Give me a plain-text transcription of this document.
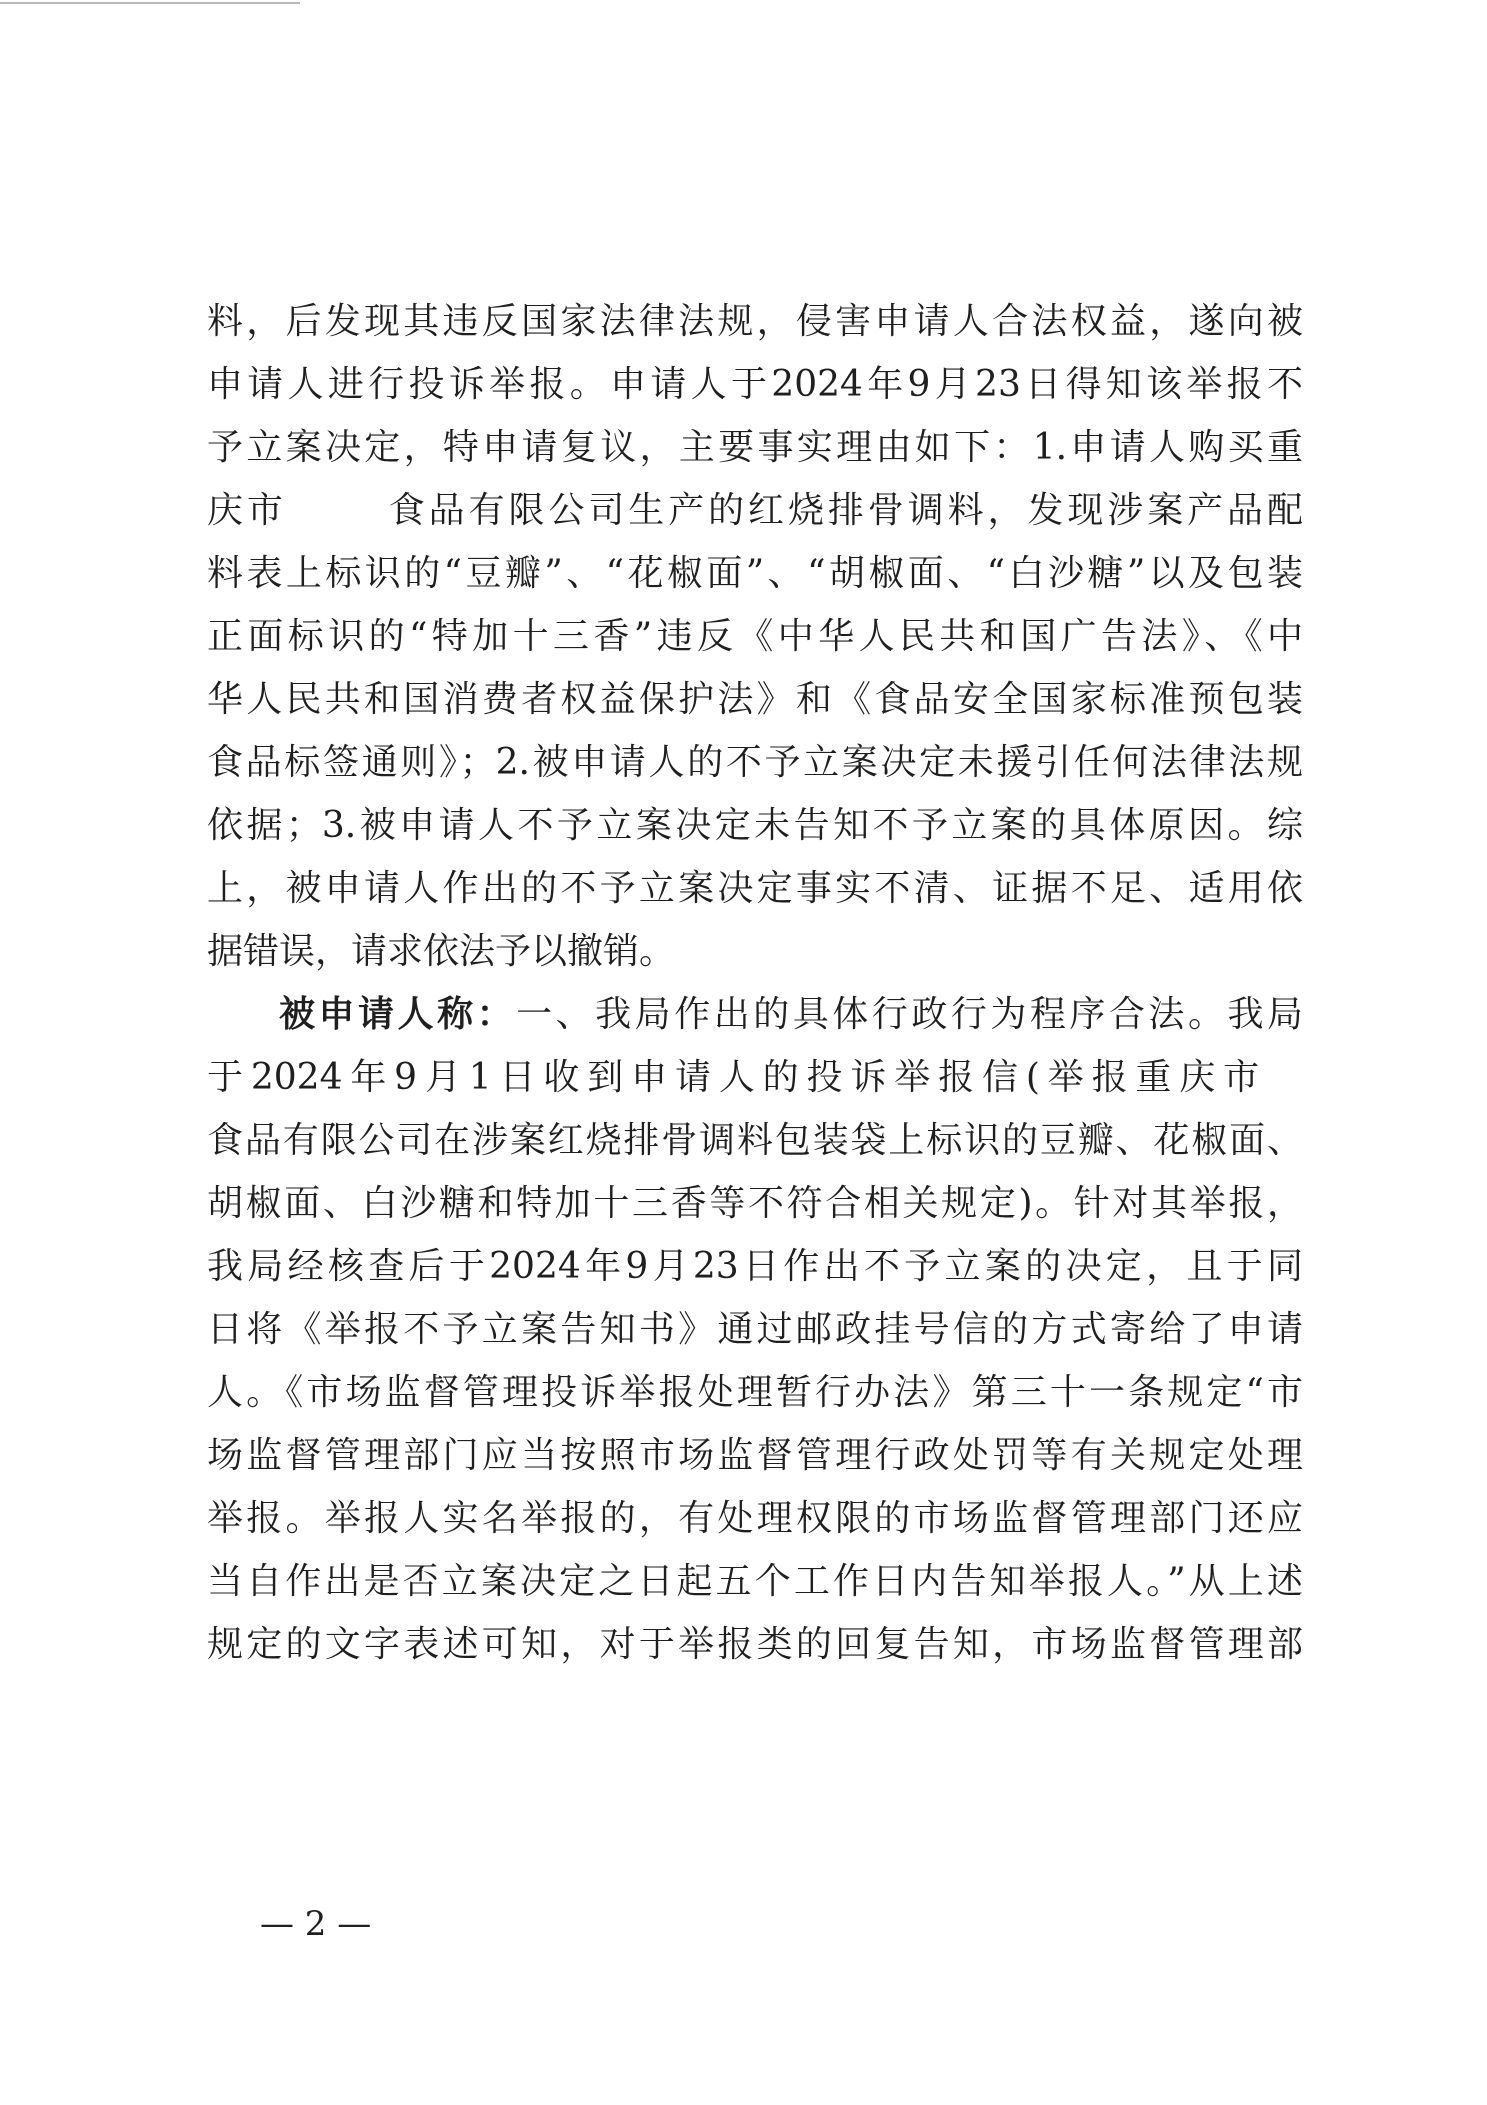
料，后发现其违反国家法律法规，侵害申请人合法权益，遂向被
申请人进行投诉举报。申请人于2024年9月23日得知该举报不
予立案决定，特申请复议，主要事实理由如下：1.申请人购买重
庆市	食品有限公司生产的红烧排骨调料，发现涉案产品配
料表上标识的“豆瓣”、“花椒面”、“胡椒面、“白沙糖”以及包装
正面标识的“特加十三香”违反《中华人民共和国广告法》、《中
华人民共和国消费者权益保护法》和《食品安全国家标准预包装
食品标签通则》；2.被申请人的不予立案决定未援引任何法律法规
依据；3.被申请人不予立案决定未告知不予立案的具体原因。综
上，被申请人作出的不予立案决定事实不清、证据不足、适用依
据错误，请求依法予以撤销。
被申请人称：一、我局作出的具体行政行为程序合法。我局
于2024年9月1日收到申请人的投诉举报信(举报重庆市
食品有限公司在涉案红烧排骨调料包装袋上标识的豆瓣、花椒面、
胡椒面、白沙糖和特加十三香等不符合相关规定)。针对其举报，
我局经核查后于2024年9月23日作出不予立案的决定，且于同
日将《举报不予立案告知书》通过邮政挂号信的方式寄给了申请
人。《市场监督管理投诉举报处理暂行办法》第三十一条规定“市
场监督管理部门应当按照市场监督管理行政处罚等有关规定处理
举报。举报人实名举报的，有处理权限的市场监督管理部门还应
当自作出是否立案决定之日起五个工作日内告知举报人。”从上述
规定的文字表述可知，对于举报类的回复告知，市场监督管理部
— 2 —
